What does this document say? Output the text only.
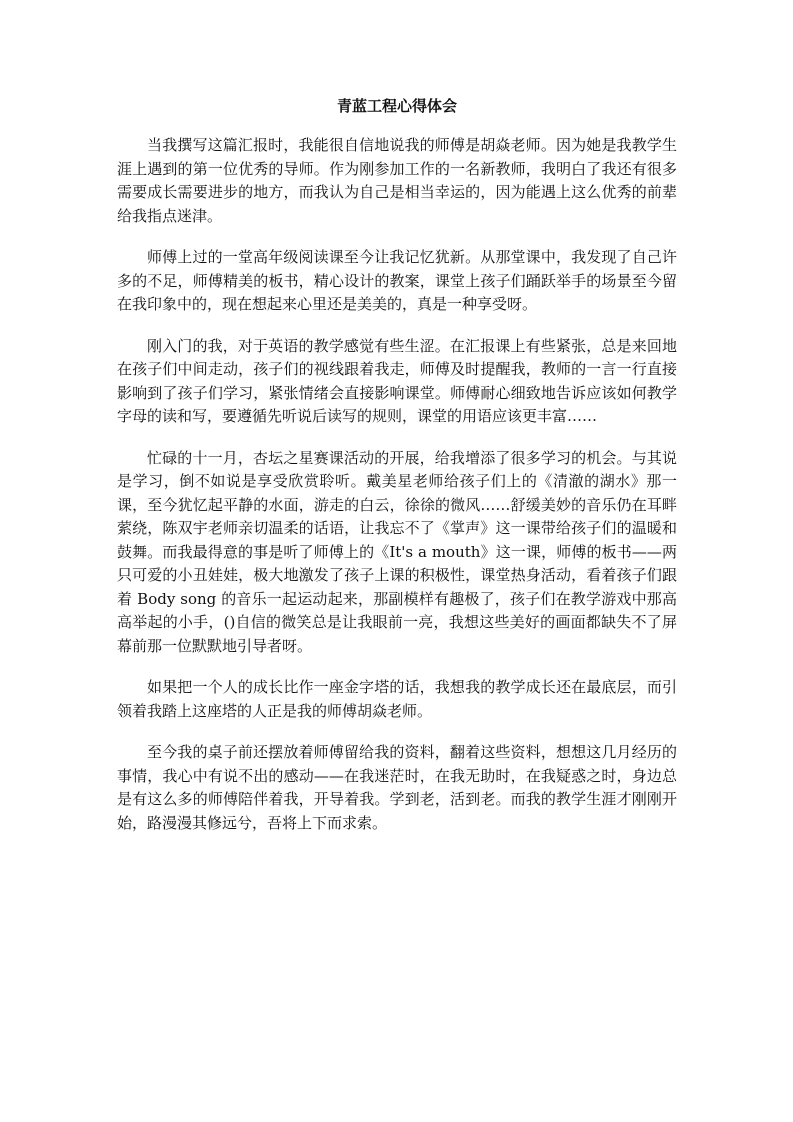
青蓝工程心得体会

当我撰写这篇汇报时，我能很自信地说我的师傅是胡焱老师。因为她是我教学生涯上遇到的第一位优秀的导师。作为刚参加工作的一名新教师，我明白了我还有很多需要成长需要进步的地方，而我认为自己是相当幸运的，因为能遇上这么优秀的前辈给我指点迷津。

师傅上过的一堂高年级阅读课至今让我记忆犹新。从那堂课中，我发现了自己许多的不足，师傅精美的板书，精心设计的教案，课堂上孩子们踊跃举手的场景至今留在我印象中的，现在想起来心里还是美美的，真是一种享受呀。

刚入门的我，对于英语的教学感觉有些生涩。在汇报课上有些紧张，总是来回地在孩子们中间走动，孩子们的视线跟着我走，师傅及时提醒我，教师的一言一行直接影响到了孩子们学习，紧张情绪会直接影响课堂。师傅耐心细致地告诉应该如何教学字母的读和写，要遵循先听说后读写的规则，课堂的用语应该更丰富……

忙碌的十一月，杏坛之星赛课活动的开展，给我增添了很多学习的机会。与其说是学习，倒不如说是享受欣赏聆听。戴美星老师给孩子们上的《清澈的湖水》那一课，至今犹忆起平静的水面，游走的白云，徐徐的微风……舒缓美妙的音乐仍在耳畔萦绕，陈双宇老师亲切温柔的话语，让我忘不了《掌声》这一课带给孩子们的温暖和鼓舞。而我最得意的事是听了师傅上的《It's a mouth》这一课，师傅的板书——两只可爱的小丑娃娃，极大地激发了孩子上课的积极性，课堂热身活动，看着孩子们跟着 Body song 的音乐一起运动起来，那副模样有趣极了，孩子们在教学游戏中那高高举起的小手，()自信的微笑总是让我眼前一亮，我想这些美好的画面都缺失不了屏幕前那一位默默地引导者呀。

如果把一个人的成长比作一座金字塔的话，我想我的教学成长还在最底层，而引领着我踏上这座塔的人正是我的师傅胡焱老师。

至今我的桌子前还摆放着师傅留给我的资料，翻着这些资料，想想这几月经历的事情，我心中有说不出的感动——在我迷茫时，在我无助时，在我疑惑之时，身边总是有这么多的师傅陪伴着我，开导着我。学到老，活到老。而我的教学生涯才刚刚开始，路漫漫其修远兮，吾将上下而求索。
